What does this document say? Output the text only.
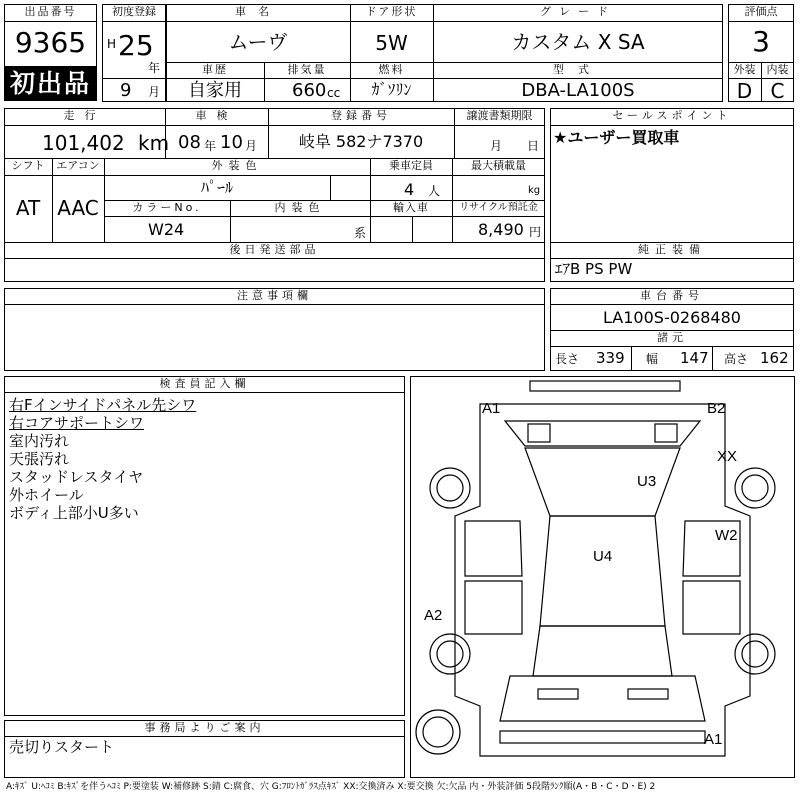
出品番号
9365
初出品
初度登録
H 25
年
9 月
車名
ムーヴ
ドア形状
5W
グレード
カスタム X SA
車歴
自家用
排気量
660 cc
燃料
ｶﾞｿﾘﾝ
型式
DBA-LA100S
評価点
3
外装	内装
D C
走行
101,402 km
車検
08 年 10 月
登録番号
岐阜 582ナ7370
譲渡書類期限
月 日
シフト
AT
エアコン
AAC
外装色
ﾊﾟｰﾙ
乗車定員
4 人
最大積載量
kg
カラーNo.
W24
内装色
系
輸入車	リサイクル預託金
8,490 円
セールスポイント
★ユーザー買取車
後日発送部品	純正装備
ｴｱB PS PW
注意事項欄	車台番号
LA100S-0268480
諸元
長さ 339 幅 147 高さ 162
検査員記入欄
右Fインサイドパネル先シワ
右コアサポートシワ
室内汚れ
天張汚れ
スタッドレスタイヤ
外ホイール
ボディ上部小U多い
事務局よりご案内
売切りスタート
A1	B2
XX
U3
W2
U4
A2
A1
A:ｷｽﾞ U:ﾍｺﾐ B:ｷｽﾞを伴うﾍｺﾐ P:要塗装 W:補修跡 S:錆 C:腐食、穴 G:ﾌﾛﾝﾄｶﾞﾗｽ点ｷｽﾞ XX:交換済み X:要交換 欠:欠品 内・外装評価 5段階ﾗﾝｸ順(A・B・C・D・E) 2
